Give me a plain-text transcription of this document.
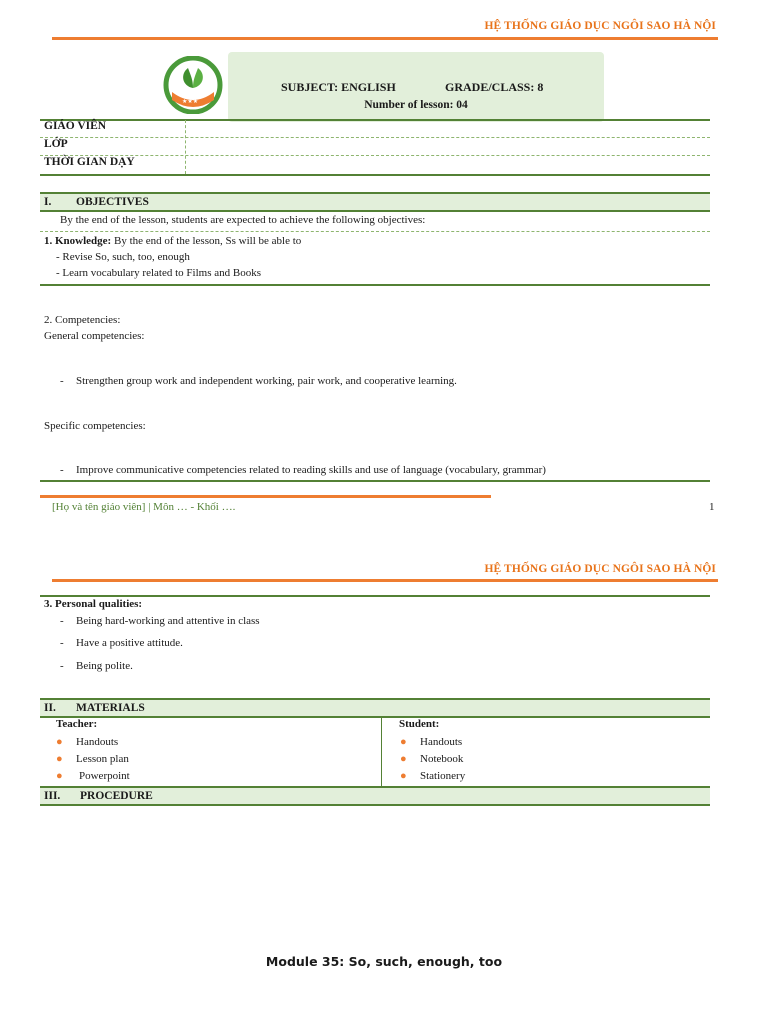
HỆ THỐNG GIÁO DỤC NGÔI SAO HÀ NỘI
★★★
SUBJECT: ENGLISH	GRADE/CLASS: 8
Number of lesson: 04
GIÁO VIÊN
LỚP
THỜI GIAN DẠY
I. OBJECTIVES
By the end of the lesson, students are expected to achieve the following objectives:
1. Knowledge: By the end of the lesson, Ss will be able to
- Revise So, such, too, enough
- Learn vocabulary related to Films and Books
2. Competencies:
General competencies:
- Strengthen group work and independent working, pair work, and cooperative learning.
Specific competencies:
- Improve communicative competencies related to reading skills and use of language (vocabulary, grammar)
[Họ và tên giáo viên] | Môn … - Khối ….	1
HỆ THỐNG GIÁO DỤC NGÔI SAO HÀ NỘI
3. Personal qualities:
- Being hard-working and attentive in class
- Have a positive attitude.
- Being polite.
II. MATERIALS
Teacher:
● Handouts
● Lesson plan
● Powerpoint
Student:
● Handouts
● Notebook
● Stationery
III. PROCEDURE
Module 35: So, such, enough, too
